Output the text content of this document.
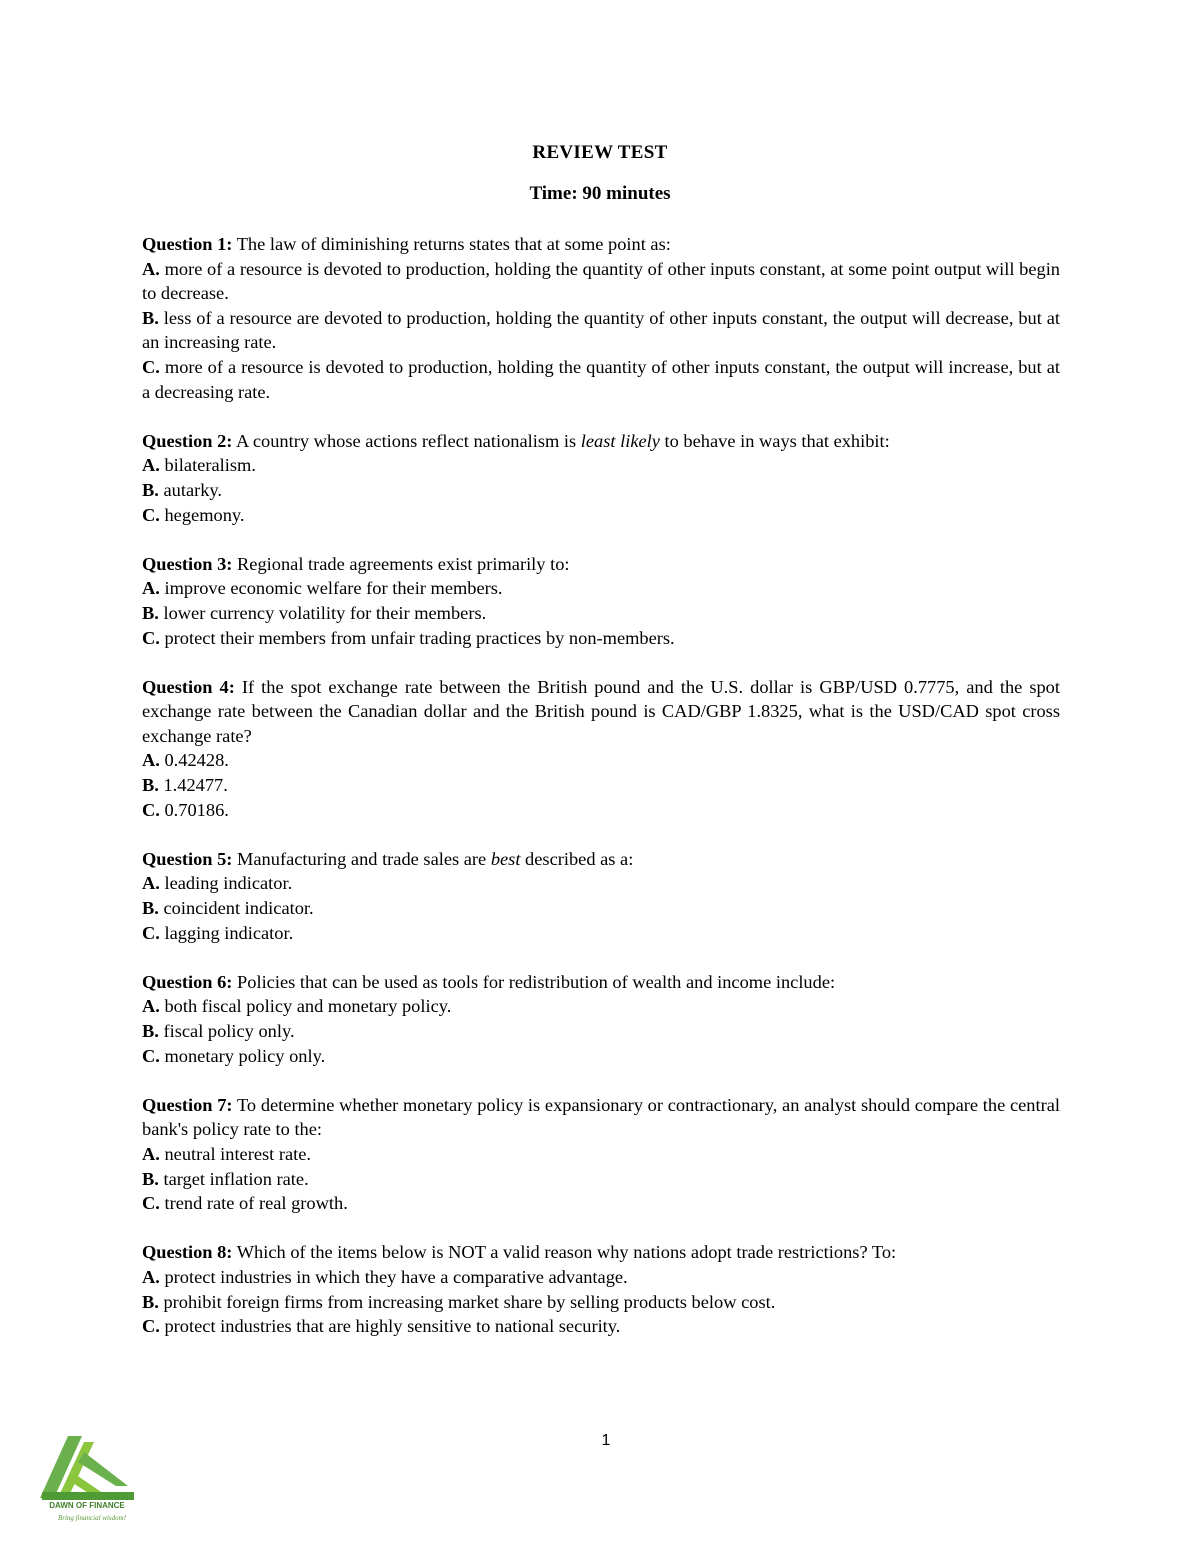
REVIEW TEST
Time: 90 minutes

Question 1: The law of diminishing returns states that at some point as:

A. more of a resource is devoted to production, holding the quantity of other inputs constant, at some point output will begin to decrease.

B. less of a resource are devoted to production, holding the quantity of other inputs constant, the output will decrease, but at an increasing rate.

C. more of a resource is devoted to production, holding the quantity of other inputs constant, the output will increase, but at a decreasing rate.

Question 2: A country whose actions reflect nationalism is least likely to behave in ways that exhibit:

A. bilateralism.

B. autarky.

C. hegemony.

Question 3: Regional trade agreements exist primarily to:

A. improve economic welfare for their members.

B. lower currency volatility for their members.

C. protect their members from unfair trading practices by non-members.

Question 4: If the spot exchange rate between the British pound and the U.S. dollar is GBP/USD 0.7775, and the spot exchange rate between the Canadian dollar and the British pound is CAD/GBP 1.8325, what is the USD/CAD spot cross exchange rate?

A. 0.42428.

B. 1.42477.

C. 0.70186.

Question 5: Manufacturing and trade sales are best described as a:

A. leading indicator.

B. coincident indicator.

C. lagging indicator.

Question 6: Policies that can be used as tools for redistribution of wealth and income include:

A. both fiscal policy and monetary policy.

B. fiscal policy only.

C. monetary policy only.

Question 7: To determine whether monetary policy is expansionary or contractionary, an analyst should compare the central bank's policy rate to the:

A. neutral interest rate.

B. target inflation rate.

C. trend rate of real growth.

Question 8: Which of the items below is NOT a valid reason why nations adopt trade restrictions? To:

A. protect industries in which they have a comparative advantage.

B. prohibit foreign firms from increasing market share by selling products below cost.

C. protect industries that are highly sensitive to national security.

1
DAWN OF FINANCE
Bring financial wisdom!
